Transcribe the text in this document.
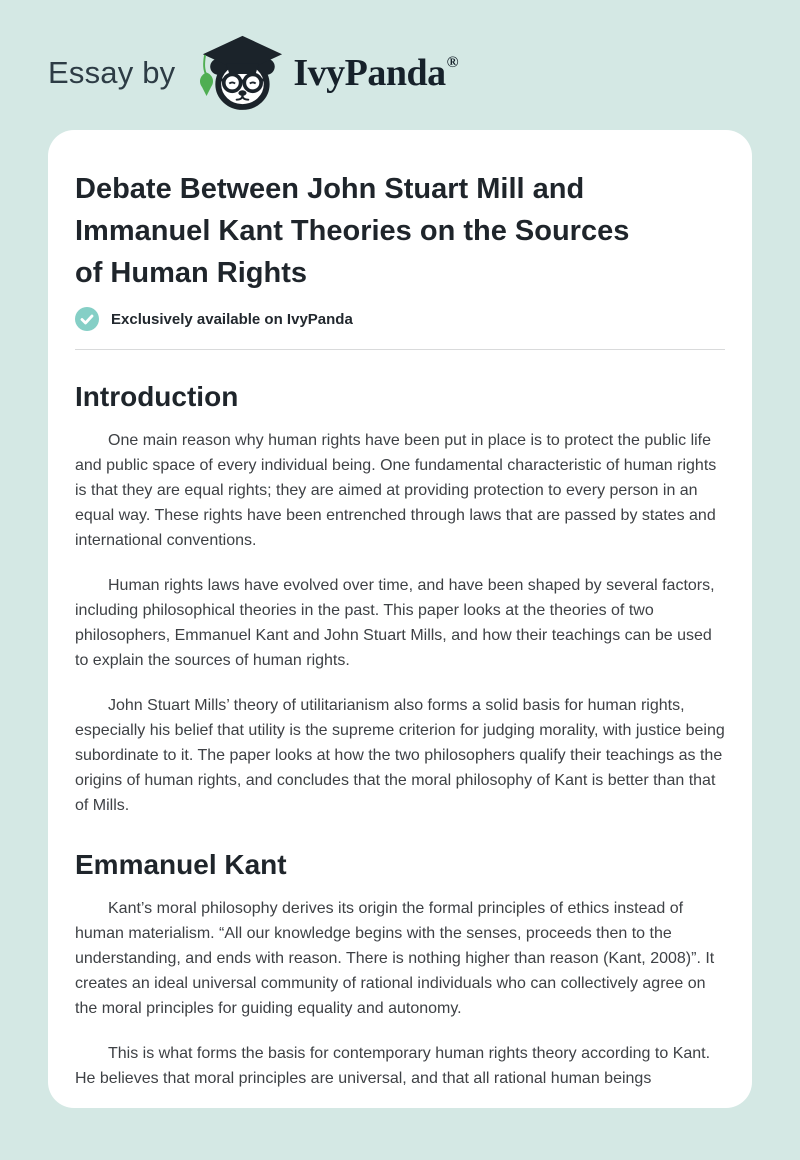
Essay by	IvyPanda®
Debate Between John Stuart Mill and
Immanuel Kant Theories on the Sources
of Human Rights
Exclusively available on IvyPanda
Introduction

One main reason why human rights have been put in place is to protect the public life and public space of every individual being. One fundamental characteristic of human rights is that they are equal rights; they are aimed at providing protection to every person in an equal way. These rights have been entrenched through laws that are passed by states and international conventions.

Human rights laws have evolved over time, and have been shaped by several factors, including philosophical theories in the past. This paper looks at the theories of two philosophers, Emmanuel Kant and John Stuart Mills, and how their teachings can be used to explain the sources of human rights.

John Stuart Mills’ theory of utilitarianism also forms a solid basis for human rights, especially his belief that utility is the supreme criterion for judging morality, with justice being subordinate to it. The paper looks at how the two philosophers qualify their teachings as the origins of human rights, and concludes that the moral philosophy of Kant is better than that of Mills.

Emmanuel Kant

Kant’s moral philosophy derives its origin the formal principles of ethics instead of human materialism. “All our knowledge begins with the senses, proceeds then to the understanding, and ends with reason. There is nothing higher than reason (Kant, 2008)”. It creates an ideal universal community of rational individuals who can collectively agree on the moral principles for guiding equality and autonomy.

This is what forms the basis for contemporary human rights theory according to Kant. He believes that moral principles are universal, and that all rational human beings
